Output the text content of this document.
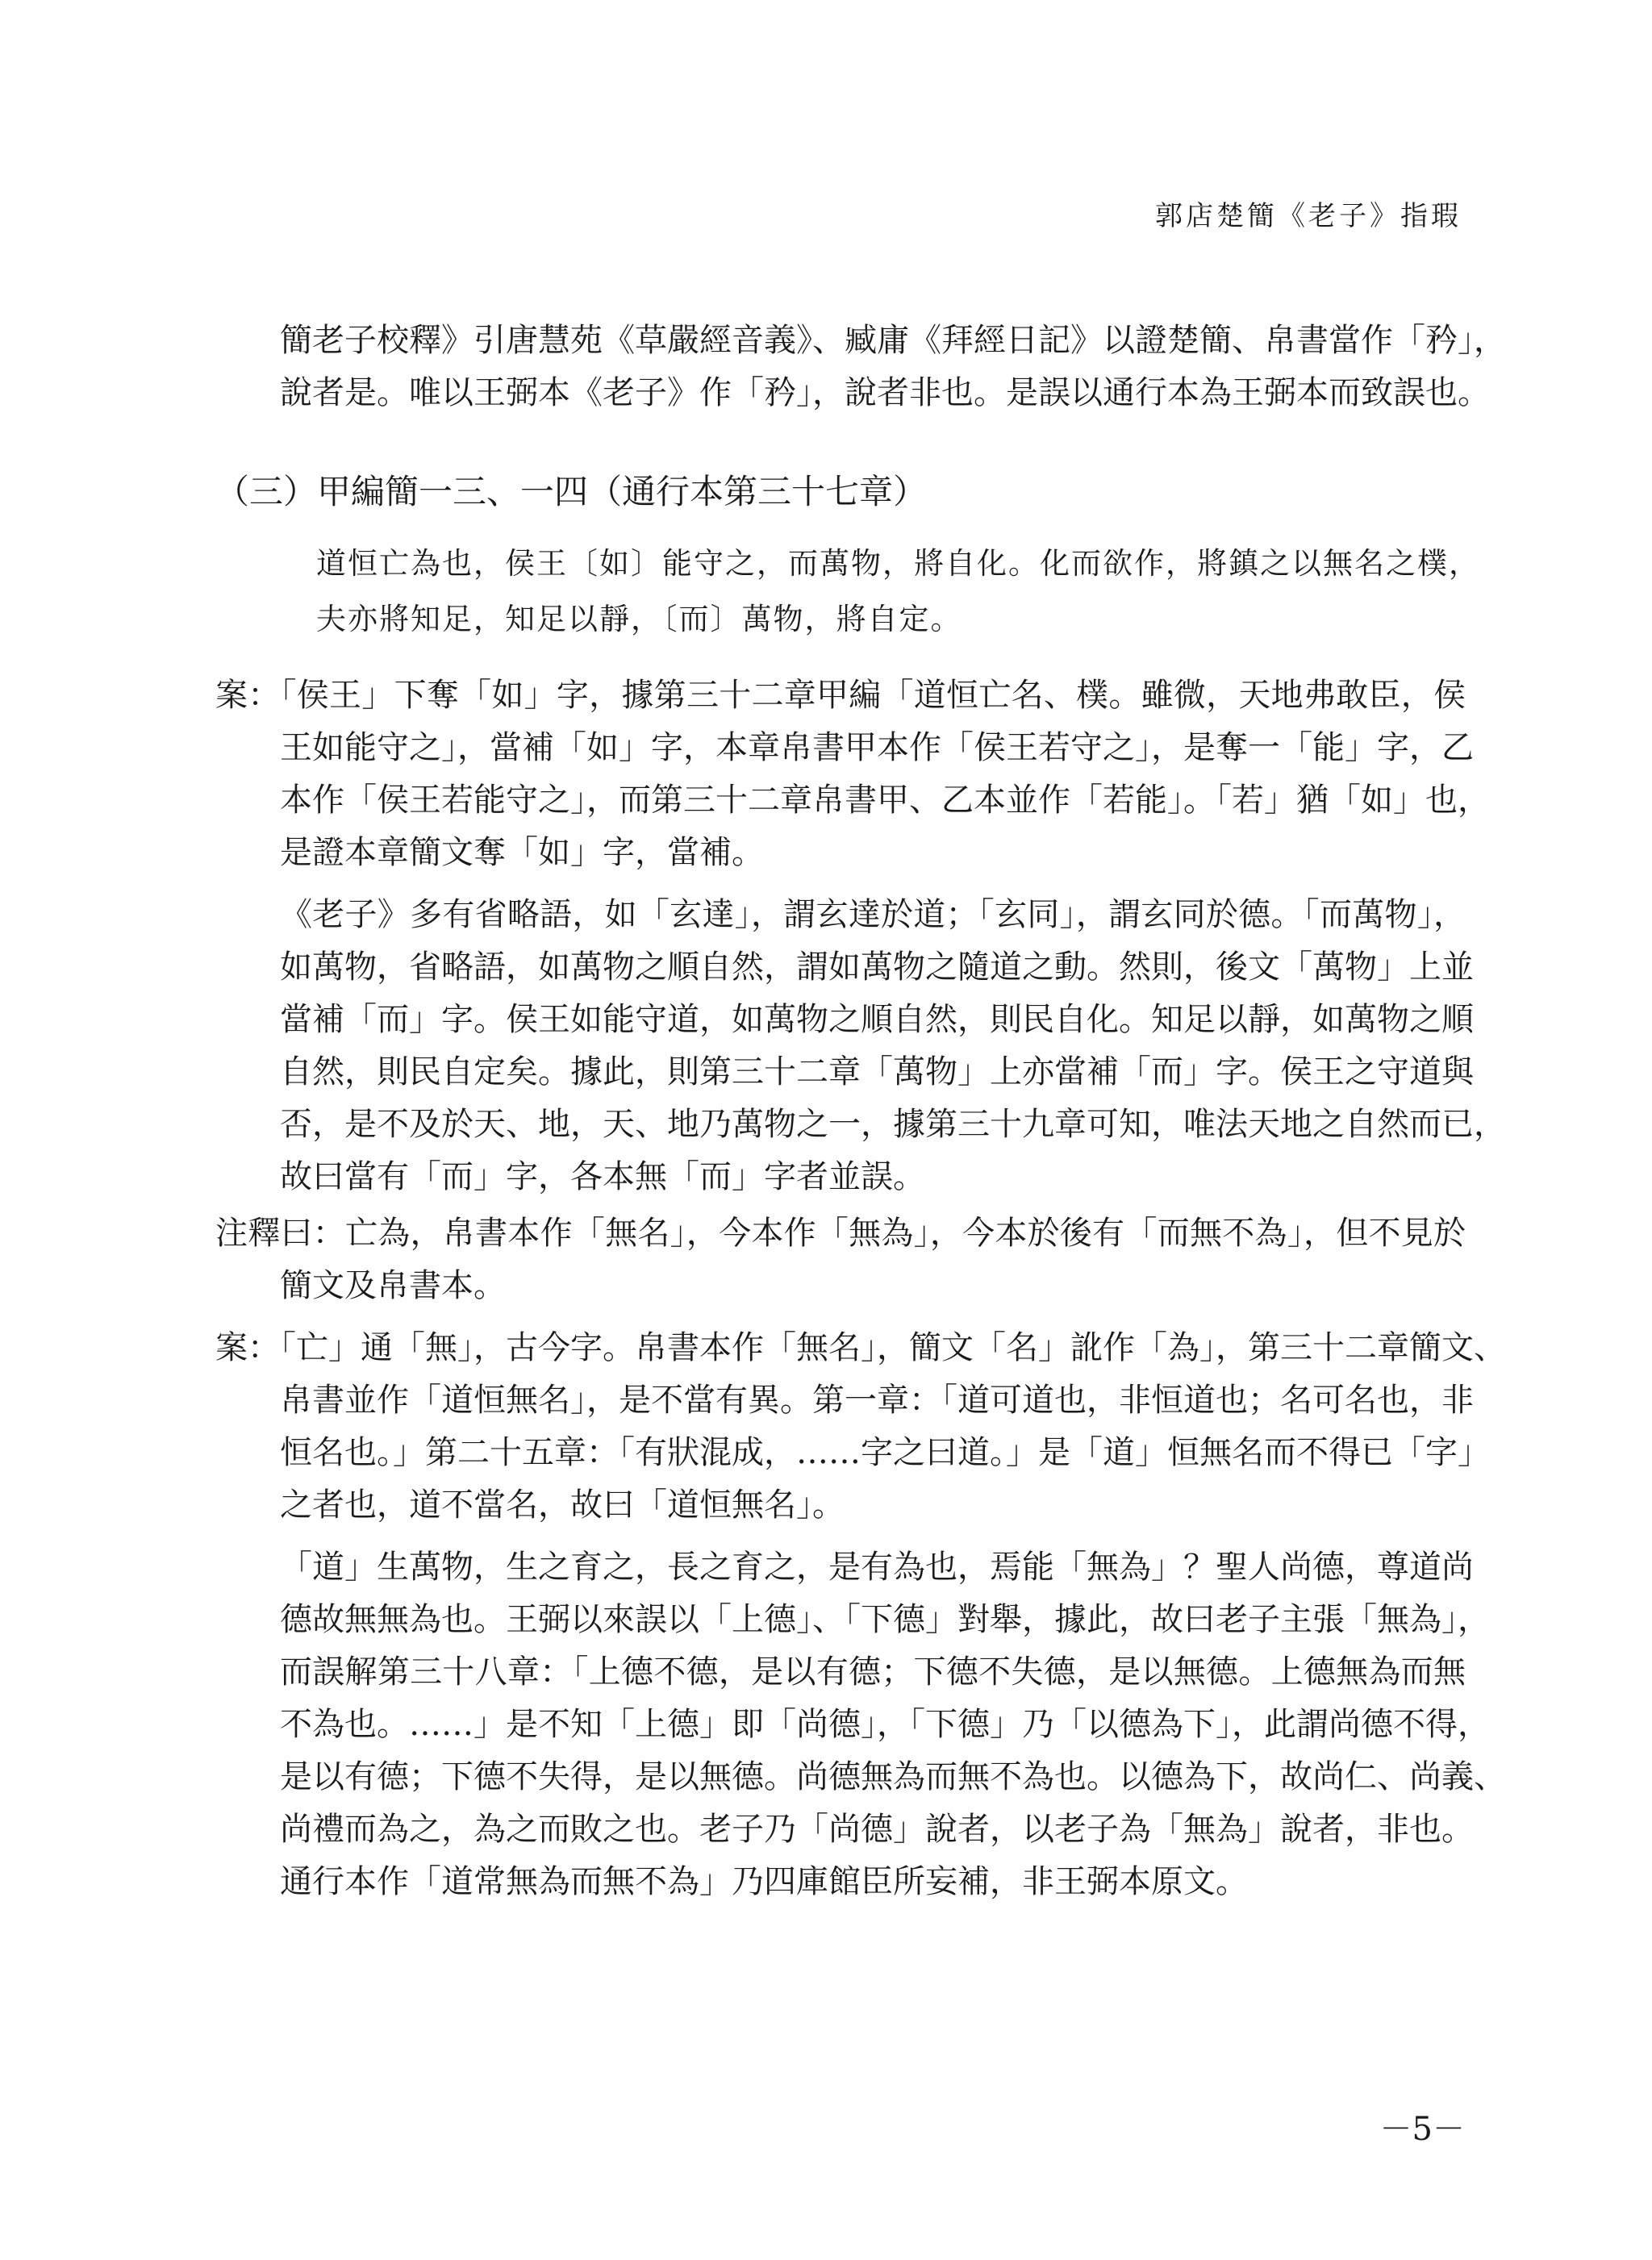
郭店楚簡《老子》指瑕
簡老子校釋》引唐慧苑《草嚴經音義》、臧庸《拜經日記》以證楚簡、帛書當作「矜」，
說者是。唯以王弼本《老子》作「矜」，說者非也。是誤以通行本為王弼本而致誤也。
（三）甲編簡一三、一四（通行本第三十七章）
道恒亡為也，侯王〔如〕能守之，而萬物，將自化。化而欲作，將鎮之以無名之樸，
夫亦將知足，知足以靜，〔而〕萬物，將自定。
案：「侯王」下奪「如」字，據第三十二章甲編「道恒亡名、樸。雖微，天地弗敢臣，侯
王如能守之」，當補「如」字，本章帛書甲本作「侯王若守之」，是奪一「能」字，乙
本作「侯王若能守之」，而第三十二章帛書甲、乙本並作「若能」。「若」猶「如」也，
是證本章簡文奪「如」字，當補。
《老子》多有省略語，如「玄達」，謂玄達於道；「玄同」，謂玄同於德。「而萬物」，
如萬物，省略語，如萬物之順自然，謂如萬物之隨道之動。然則，後文「萬物」上並
當補「而」字。侯王如能守道，如萬物之順自然，則民自化。知足以靜，如萬物之順
自然，則民自定矣。據此，則第三十二章「萬物」上亦當補「而」字。侯王之守道與
否，是不及於天、地，天、地乃萬物之一，據第三十九章可知，唯法天地之自然而已，
故曰當有「而」字，各本無「而」字者並誤。
注釋曰：亡為，帛書本作「無名」，今本作「無為」，今本於後有「而無不為」，但不見於
簡文及帛書本。
案：「亡」通「無」，古今字。帛書本作「無名」，簡文「名」訛作「為」，第三十二章簡文、
帛書並作「道恒無名」，是不當有異。第一章：「道可道也，非恒道也；名可名也，非
恒名也。」第二十五章：「有狀混成，……字之曰道。」是「道」恒無名而不得已「字」
之者也，道不當名，故曰「道恒無名」。
「道」生萬物，生之育之，長之育之，是有為也，焉能「無為」？聖人尚德，尊道尚
德故無無為也。王弼以來誤以「上德」、「下德」對舉，據此，故曰老子主張「無為」，
而誤解第三十八章：「上德不德，是以有德；下德不失德，是以無德。上德無為而無
不為也。……」是不知「上德」即「尚德」，「下德」乃「以德為下」，此謂尚德不得，
是以有德；下德不失得，是以無德。尚德無為而無不為也。以德為下，故尚仁、尚義、
尚禮而為之，為之而敗之也。老子乃「尚德」說者，以老子為「無為」說者，非也。
通行本作「道常無為而無不為」乃四庫館臣所妄補，非王弼本原文。
－5－
